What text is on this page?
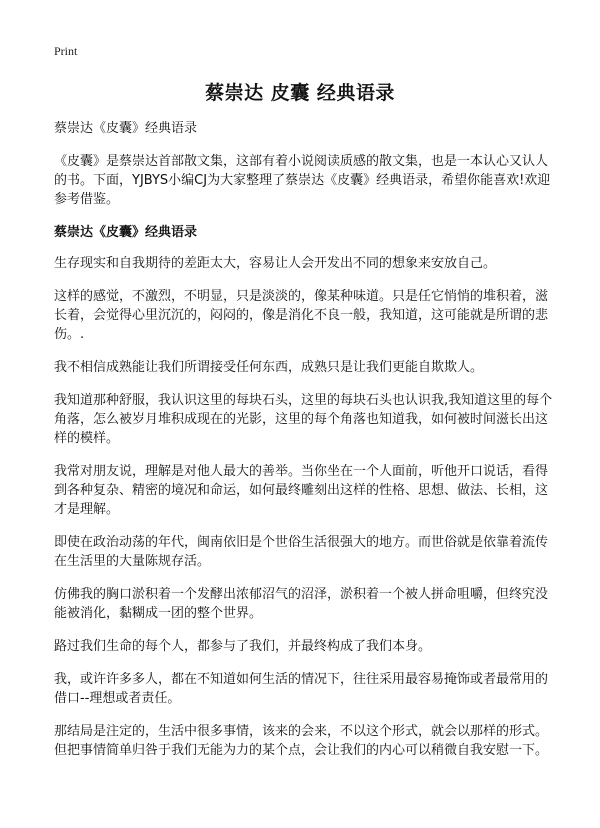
Print
蔡崇达 皮囊 经典语录

蔡崇达《皮囊》经典语录

《皮囊》是蔡崇达首部散文集，这部有着小说阅读质感的散文集，也是一本认心又认人的书。下面，YJBYS小编CJ为大家整理了蔡崇达《皮囊》经典语录，希望你能喜欢!欢迎参考借鉴。

蔡崇达《皮囊》经典语录

生存现实和自我期待的差距太大，容易让人会开发出不同的想象来安放自己。

这样的感觉，不激烈，不明显，只是淡淡的，像某种味道。只是任它悄悄的堆积着，滋长着，会觉得心里沉沉的，闷闷的，像是消化不良一般，我知道，这可能就是所谓的悲伤。.

我不相信成熟能让我们所谓接受任何东西，成熟只是让我们更能自欺欺人。

我知道那种舒服，我认识这里的每块石头，这里的每块石头也认识我,我知道这里的每个角落，怎么被岁月堆积成现在的光影，这里的每个角落也知道我，如何被时间滋长出这样的模样。

我常对朋友说，理解是对他人最大的善举。当你坐在一个人面前，听他开口说话，看得到各种复杂、精密的境况和命运，如何最终雕刻出这样的性格、思想、做法、长相，这才是理解。

即使在政治动荡的年代，闽南依旧是个世俗生活很强大的地方。而世俗就是依靠着流传在生活里的大量陈规存活。

仿佛我的胸口淤积着一个发酵出浓郁沼气的沼泽，淤积着一个被人拼命咀嚼，但终究没能被消化，黏糊成一团的整个世界。

路过我们生命的每个人，都参与了我们，并最终构成了我们本身。

我，或许许多多人，都在不知道如何生活的情况下，往往采用最容易掩饰或者最常用的借口--理想或者责任。

那结局是注定的，生活中很多事情，该来的会来，不以这个形式，就会以那样的形式。但把事情简单归咎于我们无能为力的某个点，会让我们的内心可以稍微自我安慰一下。
